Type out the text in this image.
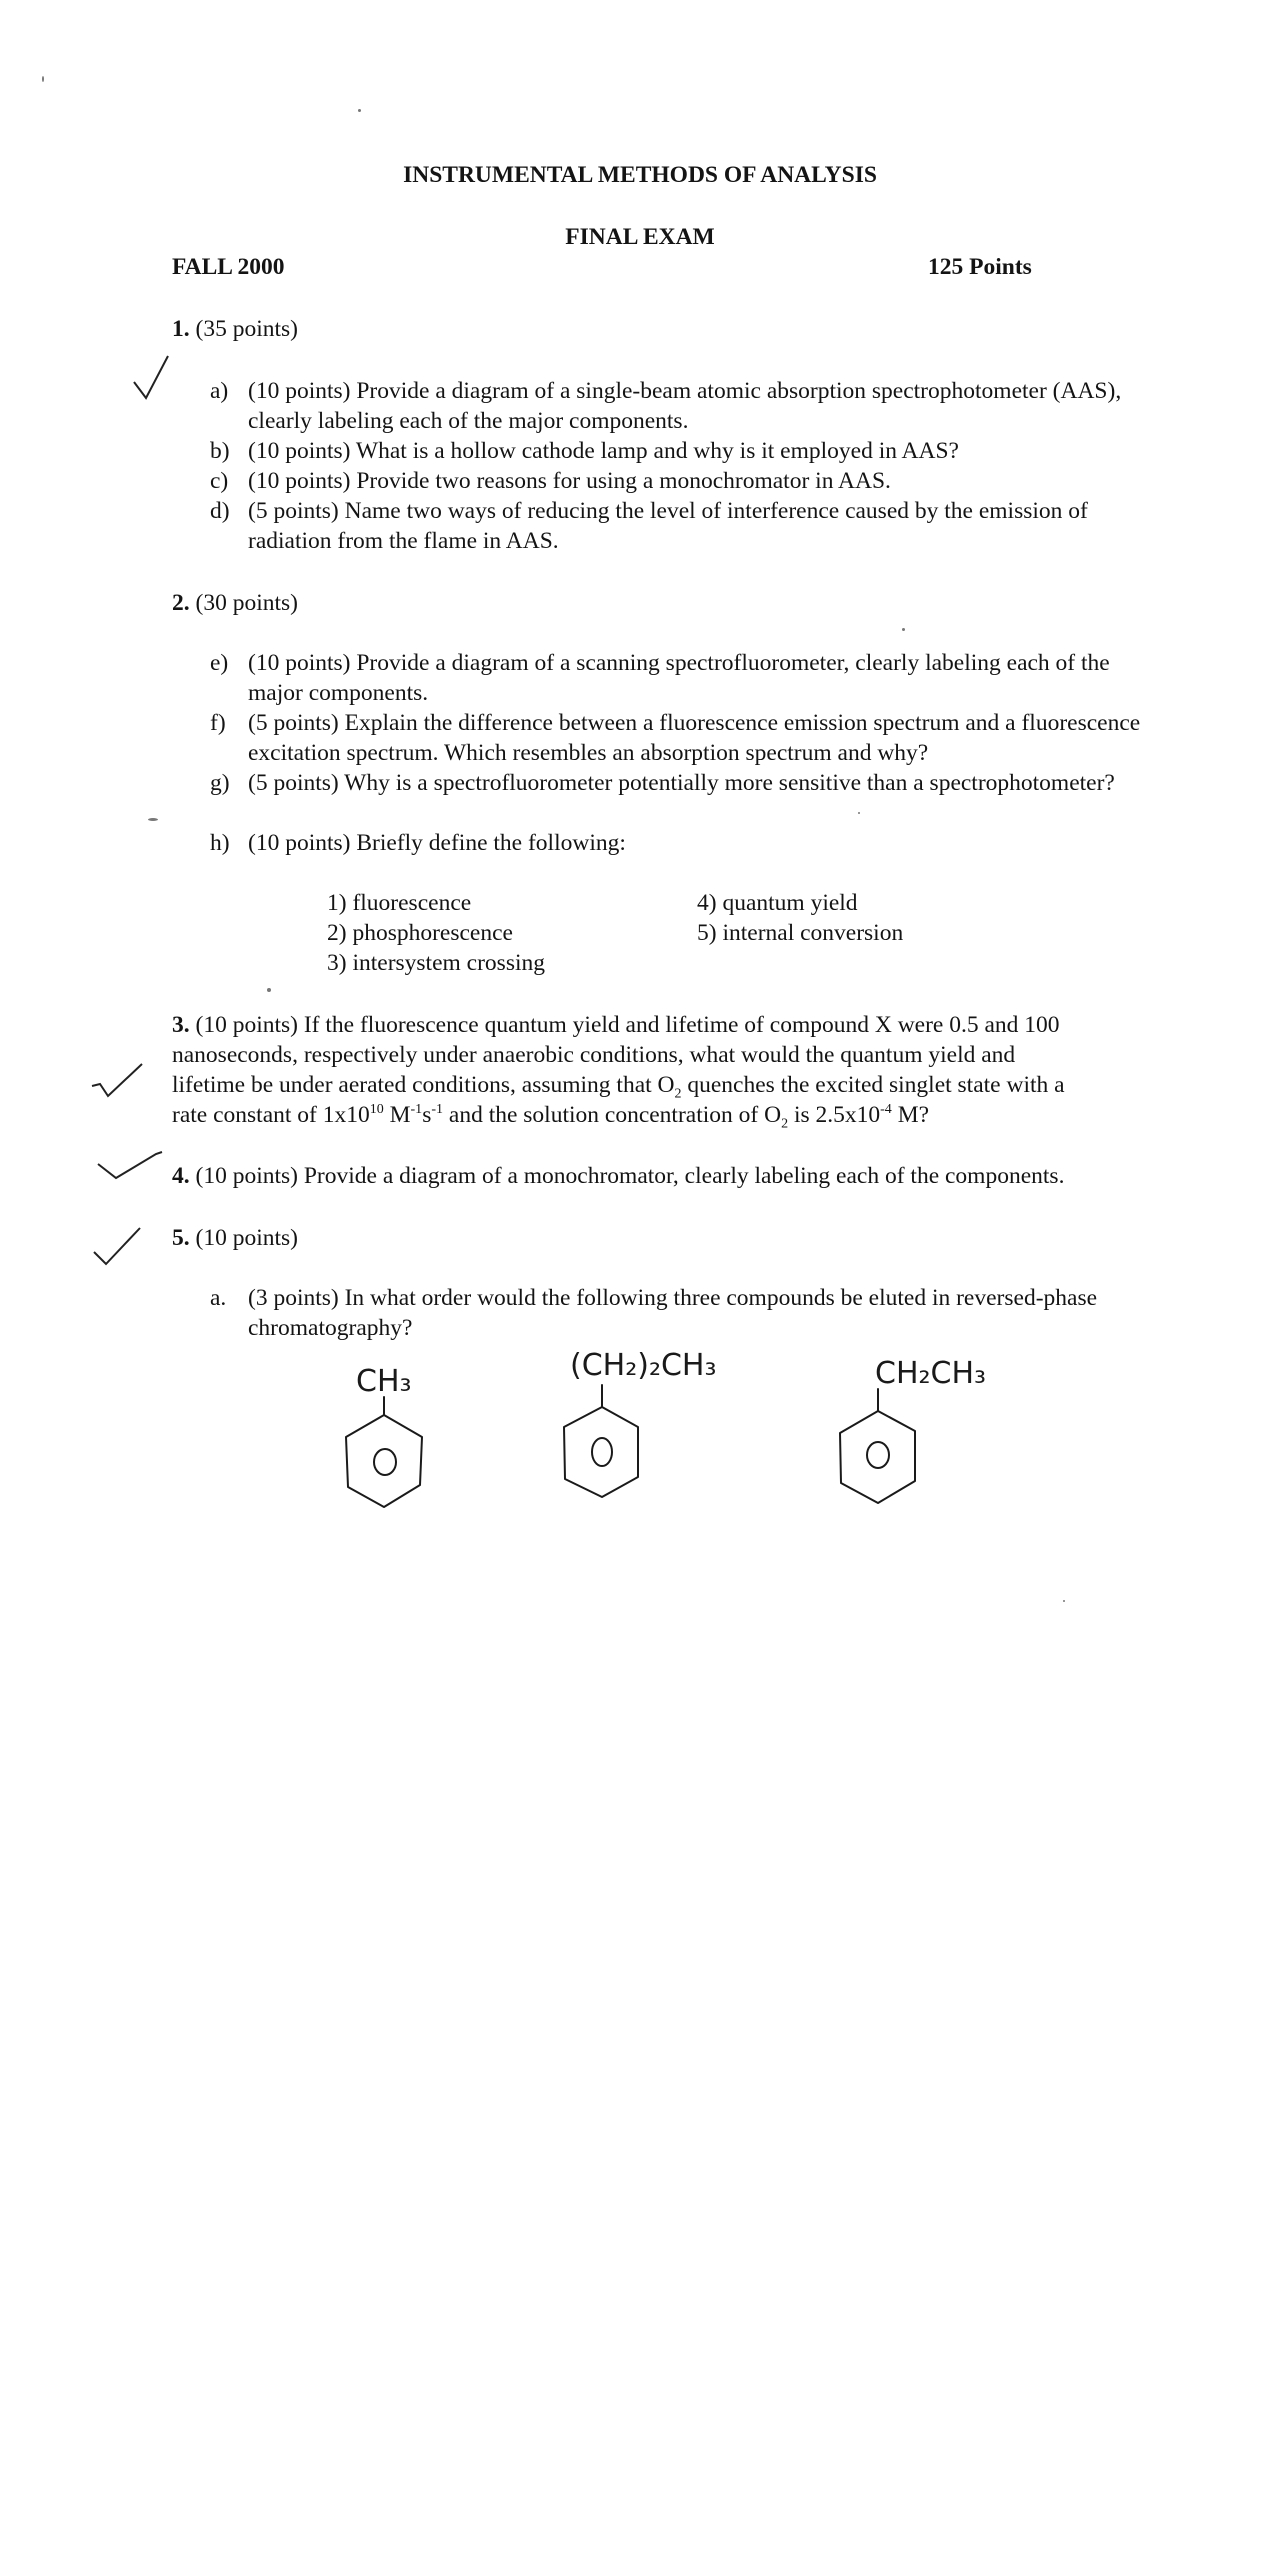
INSTRUMENTAL METHODS OF ANALYSIS
FINAL EXAM
FALL 2000	125 Points
1. (35 points)
a) (10 points) Provide a diagram of a single-beam atomic absorption spectrophotometer (AAS), clearly labeling each of the major components.
b) (10 points) What is a hollow cathode lamp and why is it employed in AAS?
c) (10 points) Provide two reasons for using a monochromator in AAS.
d) (5 points) Name two ways of reducing the level of interference caused by the emission of radiation from the flame in AAS.
2. (30 points)
e) (10 points) Provide a diagram of a scanning spectrofluorometer, clearly labeling each of the major components.
f) (5 points) Explain the difference between a fluorescence emission spectrum and a fluorescence excitation spectrum. Which resembles an absorption spectrum and why?
g) (5 points) Why is a spectrofluorometer potentially more sensitive than a spectrophotometer?
h) (10 points) Briefly define the following:
1) fluorescence
2) phosphorescence
3) intersystem crossing
4) quantum yield
5) internal conversion
3. (10 points) If the fluorescence quantum yield and lifetime of compound X were 0.5 and 100
nanoseconds, respectively under anaerobic conditions, what would the quantum yield and
lifetime be under aerated conditions, assuming that $O_2$ quenches the excited singlet state with a
rate constant of $1x10^{10}$ $M^{-1}s^{-1}$ and the solution concentration of $O_2$ is $2.5x10^{-4}$ M?
4. (10 points) Provide a diagram of a monochromator, clearly labeling each of the components.
5. (10 points)
a. (3 points) In what order would the following three compounds be eluted in reversed-phase chromatography?
CH₃	(CH₂)₂CH₃	CH₂CH₃
